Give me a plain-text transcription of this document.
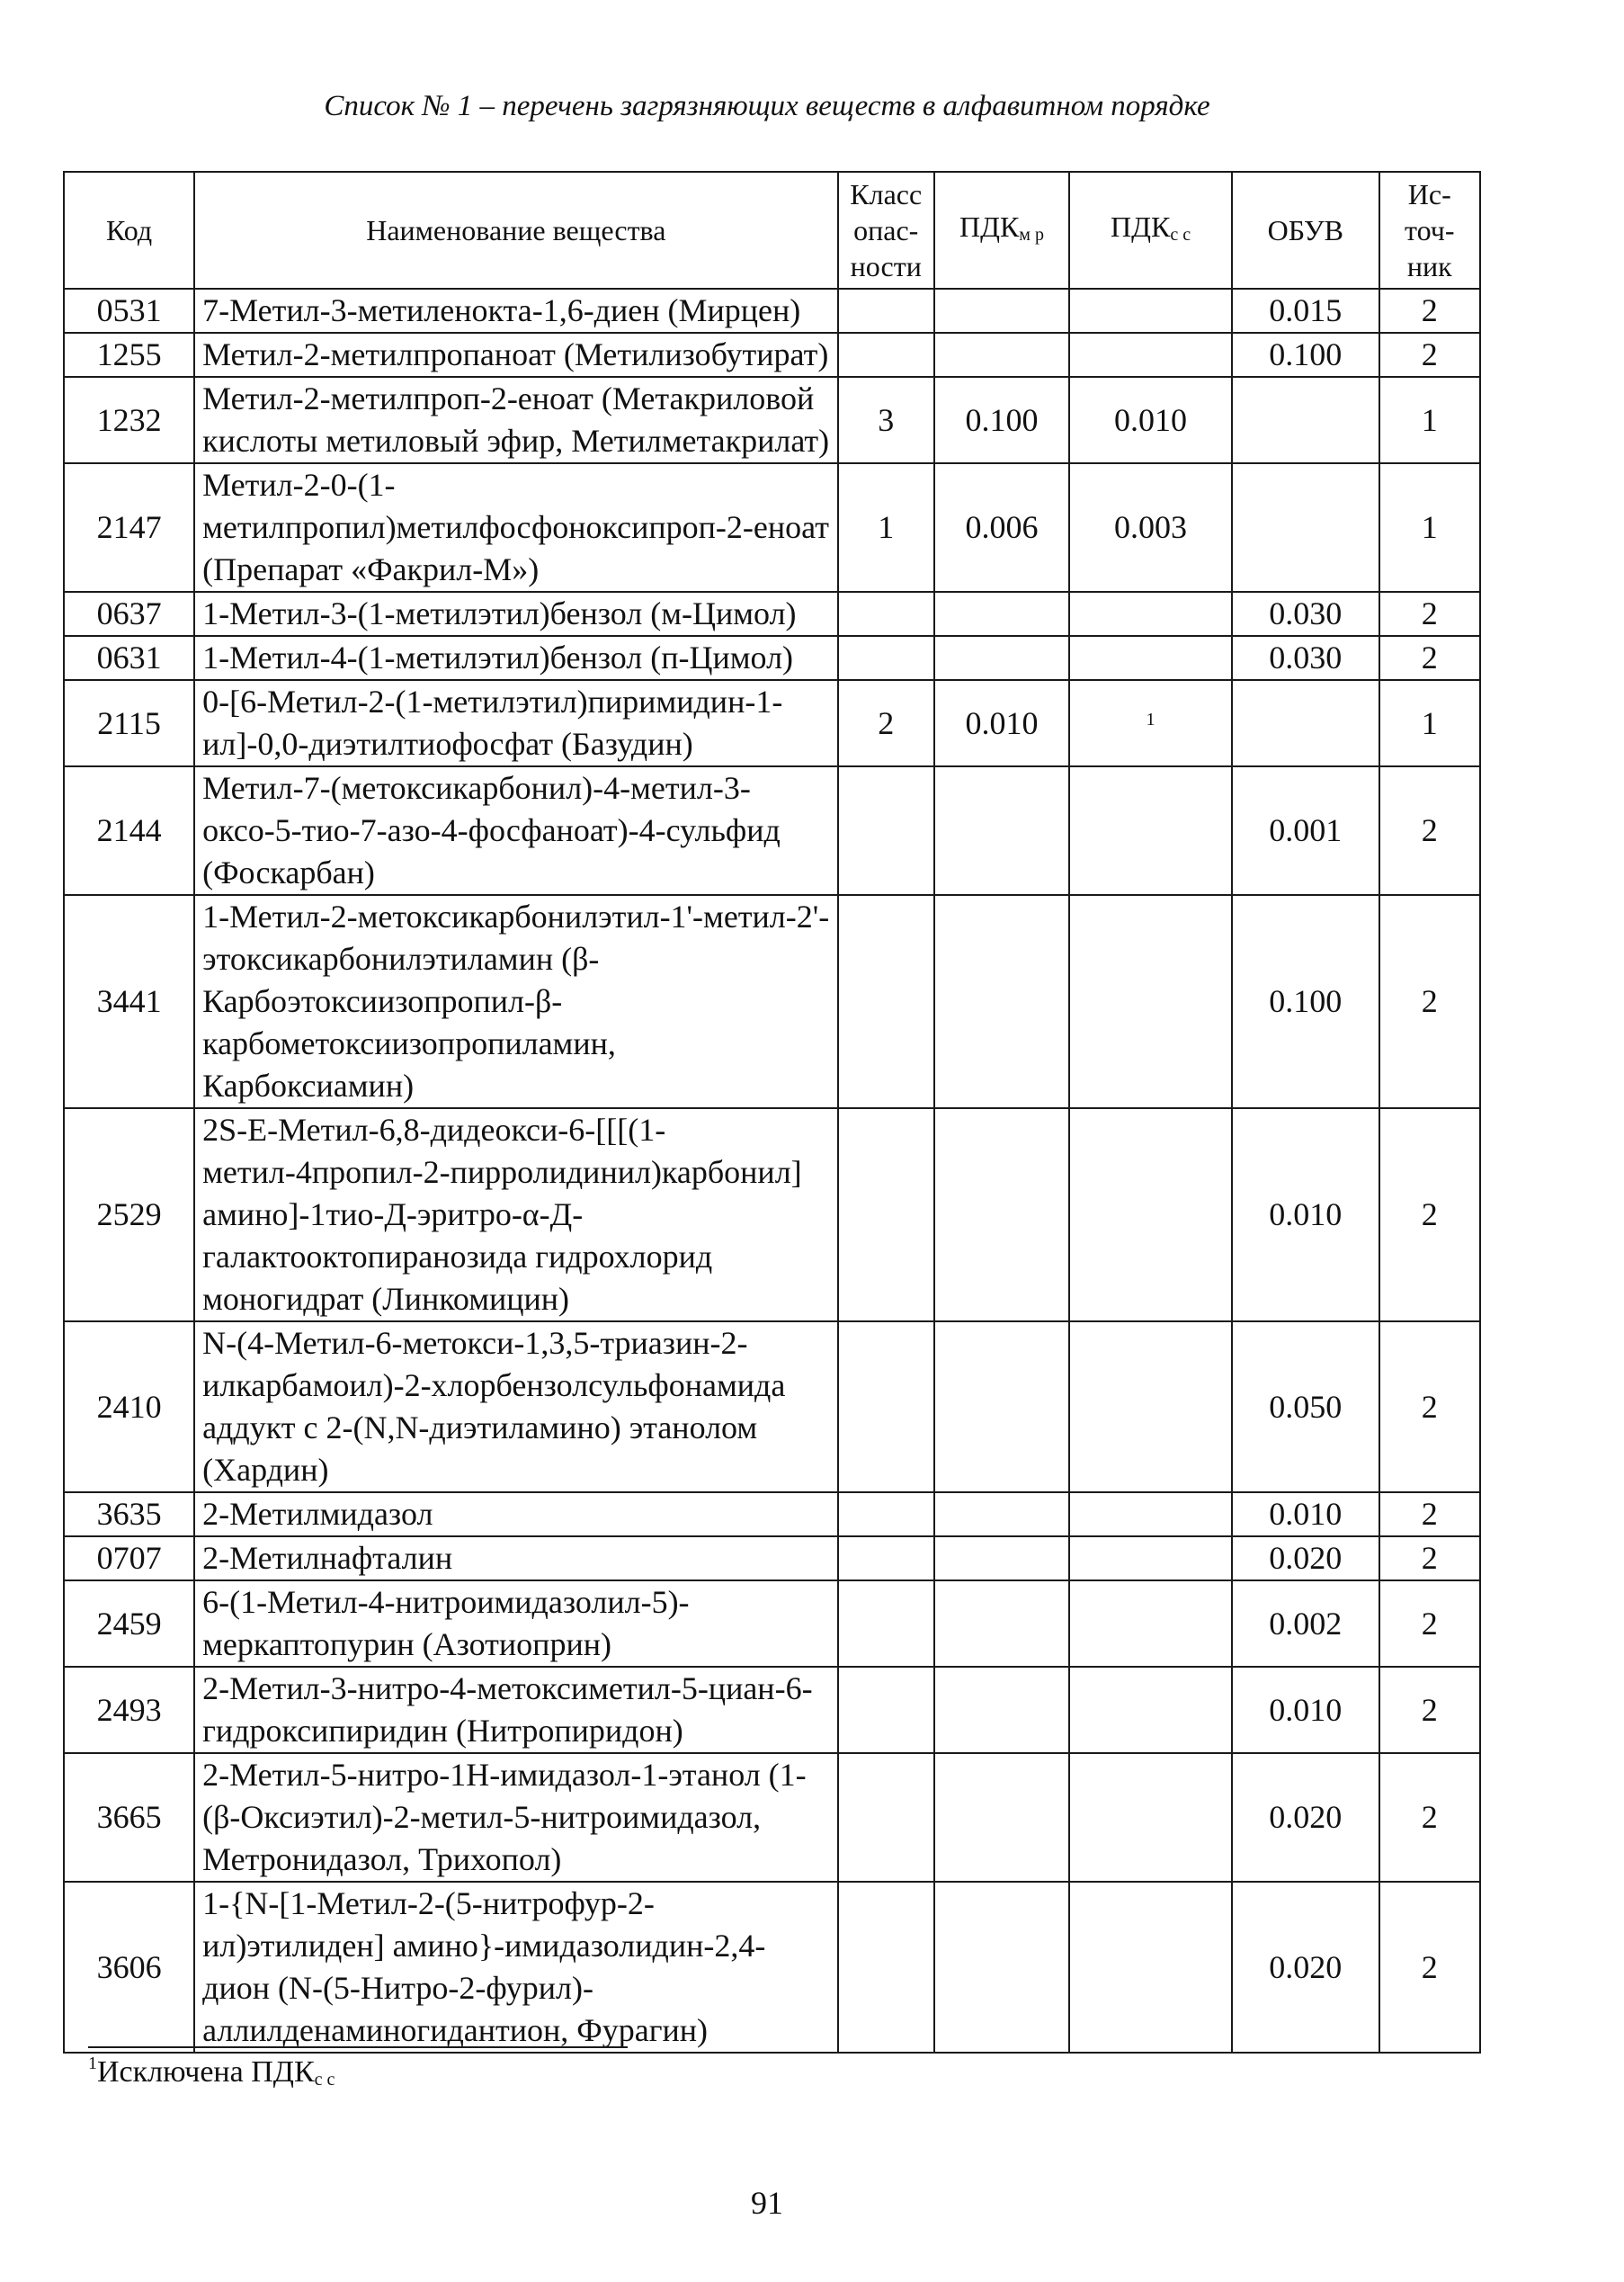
Список № 1 – перечень загрязняющих веществ в алфавитном порядке
Код	Наименование вещества	Класс
опас-
ности	$ПДК_{м р}$	$ПДК_{с с}$	ОБУВ	Ис-
точ-
ник
0531	7-Метил-3-метиленокта-1,6-диен (Мирцен)				0.015	2
1255	Метил-2-метилпропаноат (Метилизобутират)				0.100	2
1232	Метил-2-метилпроп-2-еноат (Метакриловой кислоты метиловый эфир, Метилметакрилат)	3	0.100	0.010		1
2147	Метил-2-0-(1-метилпропил)метилфосфоноксипроп-2-еноат (Препарат «Факрил-М»)	1	0.006	0.003		1
0637	1-Метил-3-(1-метилэтил)бензол (м-Цимол)				0.030	2
0631	1-Метил-4-(1-метилэтил)бензол (п-Цимол)				0.030	2
2115	0-[6-Метил-2-(1-метилэтил)пиримидин-1-ил]-0,0-диэтилтиофосфат (Базудин)	2	0.010	$^1$		1
2144	Метил-7-(метоксикарбонил)-4-метил-3-оксо-5-тио-7-азо-4-фосфаноат)-4-сульфид (Фоскарбан)				0.001	2
3441	1-Метил-2-метоксикарбонилэтил-1'-метил-2'-этоксикарбонилэтиламин (β-Карбоэтоксиизопропил-β-карбометоксиизопропиламин, Карбоксиамин)				0.100	2
2529	2S-E-Метил-6,8-дидеокси-6-[[[(1-метил-4пропил-2-пирролидинил)карбонил] амино]-1тио-Д-эритро-α-Д-галактооктопиранозида гидрохлорид моногидрат (Линкомицин)				0.010	2
2410	N-(4-Метил-6-метокси-1,3,5-триазин-2-илкарбамоил)-2-хлорбензолсульфонамида аддукт с 2-(N,N-диэтиламино) этанолом (Хардин)				0.050	2
3635	2-Метилмидазол				0.010	2
0707	2-Метилнафталин				0.020	2
2459	6-(1-Метил-4-нитроимидазолил-5)-меркаптопурин (Азотиоприн)				0.002	2
2493	2-Метил-3-нитро-4-метоксиметил-5-циан-6-гидроксипиридин (Нитропиридон)				0.010	2
3665	2-Метил-5-нитро-1Н-имидазол-1-этанол (1-(β-Оксиэтил)-2-метил-5-нитроимидазол, Метронидазол, Трихопол)				0.020	2
3606	1-{N-[1-Метил-2-(5-нитрофур-2-ил)этилиден] амино}-имидазолидин-2,4-дион (N-(5-Нитро-2-фурил)-аллилденаминогидантион, Фурагин)				0.020	2
$^1$Исключена $ПДК_{с с}$
91
